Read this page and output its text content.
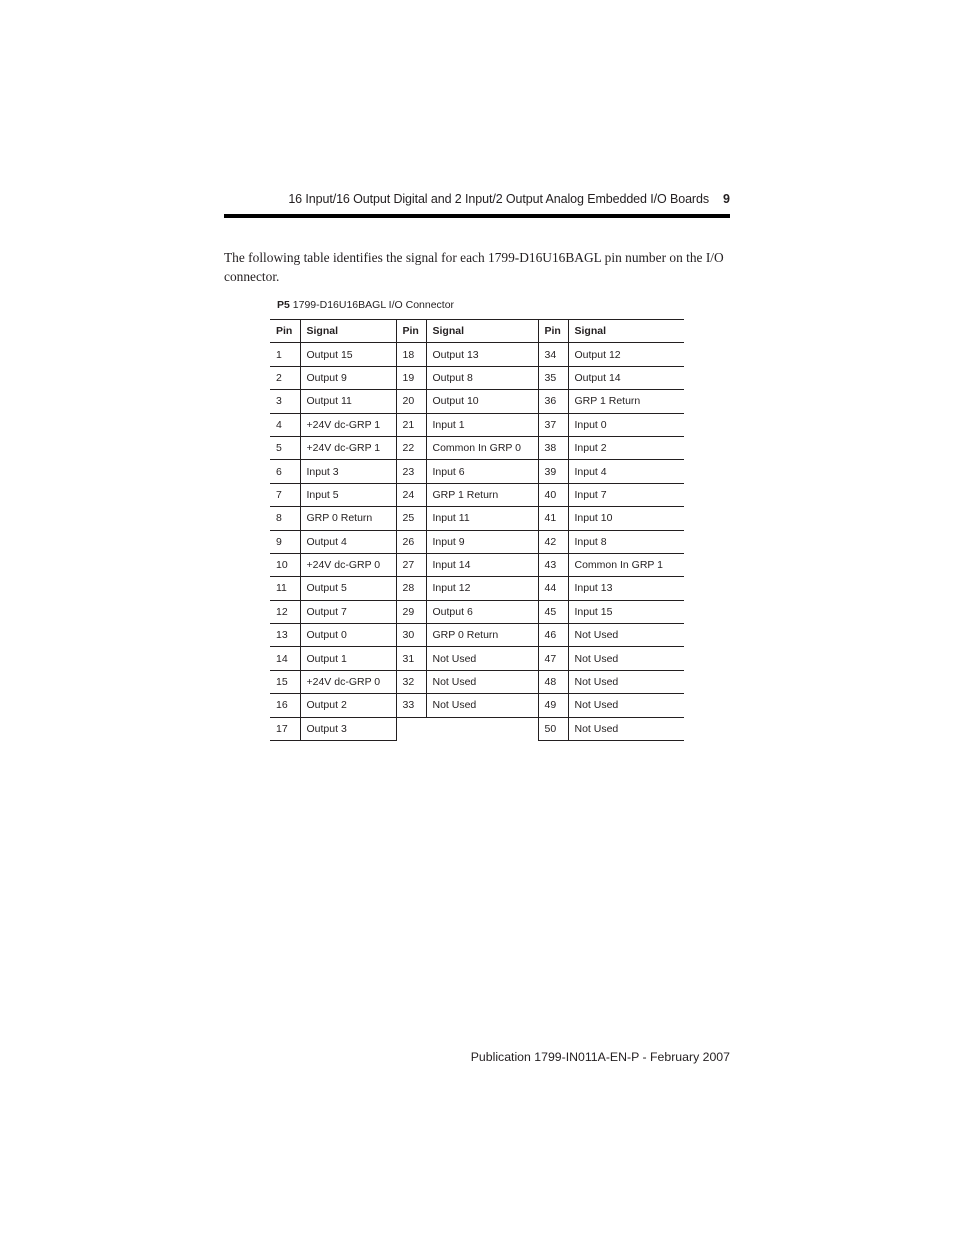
16 Input/16 Output Digital and 2 Input/2 Output Analog Embedded I/O Boards	9
The following table identifies the signal for each 1799-D16U16BAGL pin number on the I/O connector.
P5 1799-D16U16BAGL I/O Connector
Pin	Signal	Pin	Signal	Pin	Signal
1	Output 15	18	Output 13	34	Output 12
2	Output 9	19	Output 8	35	Output 14
3	Output 11	20	Output 10	36	GRP 1 Return
4	+24V dc-GRP 1	21	Input 1	37	Input 0
5	+24V dc-GRP 1	22	Common In GRP 0	38	Input 2
6	Input 3	23	Input 6	39	Input 4
7	Input 5	24	GRP 1 Return	40	Input 7
8	GRP 0 Return	25	Input 11	41	Input 10
9	Output 4	26	Input 9	42	Input 8
10	+24V dc-GRP 0	27	Input 14	43	Common In GRP 1
11	Output 5	28	Input 12	44	Input 13
12	Output 7	29	Output 6	45	Input 15
13	Output 0	30	GRP 0 Return	46	Not Used
14	Output 1	31	Not Used	47	Not Used
15	+24V dc-GRP 0	32	Not Used	48	Not Used
16	Output 2	33	Not Used	49	Not Used
17	Output 3			50	Not Used
Publication 1799-IN011A-EN-P - February 2007
